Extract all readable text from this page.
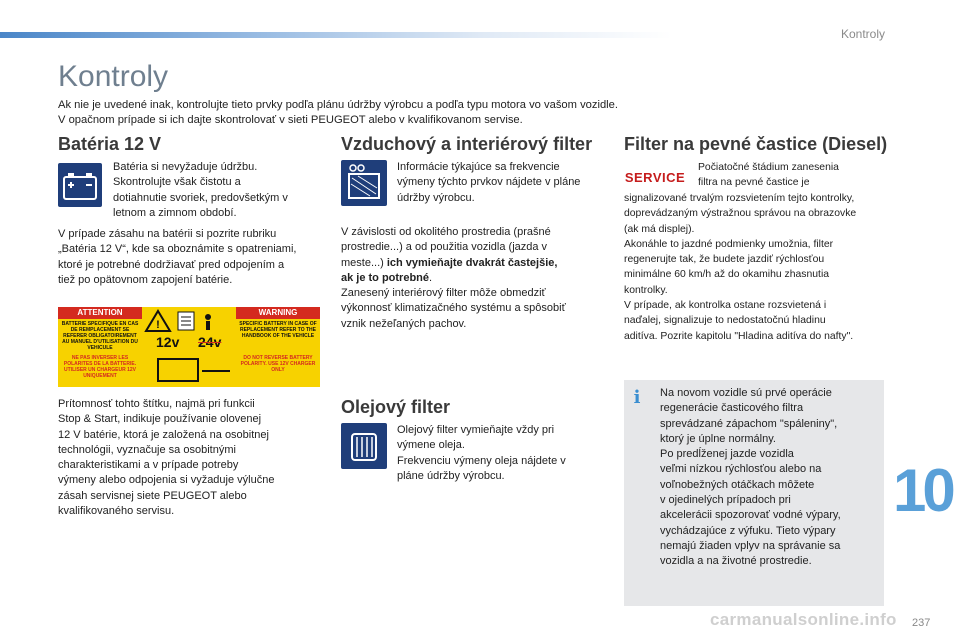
Kontroly
Kontroly
Ak nie je uvedené inak, kontrolujte tieto prvky podľa plánu údržby výrobcu a podľa typu motora vo vašom vozidle.
V opačnom prípade si ich dajte skontrolovať v sieti PEUGEOT alebo v kvalifikovanom servise.
Batéria 12 V
Batéria si nevyžaduje údržbu.
Skontrolujte však čistotu a
dotiahnutie svoriek, predovšetkým v
letnom a zimnom období.
V prípade zásahu na batérii si pozrite rubriku
„Batéria 12 V“, kde sa oboznámite s opatreniami,
ktoré je potrebné dodržiavať pred odpojením a
tiež po opätovnom zapojení batérie.
ATTENTION	WARNING
BATTERIE SPECIFIQUE EN CAS DE REMPLACEMENT SE REFERER OBLIGATOIREMENT AU MANUEL D'UTILISATION DU VEHICULE
NE PAS INVERSER LES POLARITES DE LA BATTERIE. UTILISER UN CHARGEUR 12V UNIQUEMENT
SPECIFIC BATTERY IN CASE OF REPLACEMENT REFER TO THE HANDBOOK OF THE VEHICLE
DO NOT REVERSE BATTERY POLARITY. USE 12V CHARGER ONLY
!
12v 24v
Prítomnosť tohto štítku, najmä pri funkcii
Stop & Start, indikuje používanie olovenej
12 V batérie, ktorá je založená na osobitnej
technológii, vyznačuje sa osobitnými
charakteristikami a v prípade potreby
výmeny alebo odpojenia si vyžaduje výlučne
zásah servisnej siete PEUGEOT alebo
kvalifikovaného servisu.
Vzduchový a interiérový filter
Informácie týkajúce sa frekvencie
výmeny týchto prvkov nájdete v pláne
údržby výrobcu.
V závislosti od okolitého prostredia (prašné
prostredie...) a od použitia vozidla (jazda v
meste...) ich vymieňajte dvakrát častejšie,
ak je to potrebné.
Zanesený interiérový filter môže obmedziť
výkonnosť klimatizačného systému a spôsobiť
vznik nežeľaných pachov.
Olejový filter
Olejový filter vymieňajte vždy pri
výmene oleja.
Frekvenciu výmeny oleja nájdete v
pláne údržby výrobcu.
Filter na pevné častice (Diesel)
SERVICE
Počiatočné štádium zanesenia
filtra na pevné častice je
signalizované trvalým rozsvietením tejto kontrolky,
doprevádzaným výstražnou správou na obrazovke
(ak má displej).
Akonáhle to jazdné podmienky umožnia, filter
regenerujte tak, že budete jazdiť rýchlosťou
minimálne 60 km/h až do okamihu zhasnutia
kontrolky.
V prípade, ak kontrolka ostane rozsvietená i
naďalej, signalizuje to nedostatočnú hladinu
aditíva. Pozrite kapitolu "Hladina aditíva do nafty".
i	Na novom vozidle sú prvé operácie
regenerácie časticového filtra
sprevádzané zápachom "spáleniny",
ktorý je úplne normálny.
Po predĺženej jazde vozidla
veľmi nízkou rýchlosťou alebo na
voľnobežných otáčkach môžete
v ojedinelých prípadoch pri
akcelerácii spozorovať vodné výpary,
vychádzajúce z výfuku. Tieto výpary
nemajú žiaden vplyv na správanie sa
vozidla a na životné prostredie.
10
carmanualsonline.info 237
